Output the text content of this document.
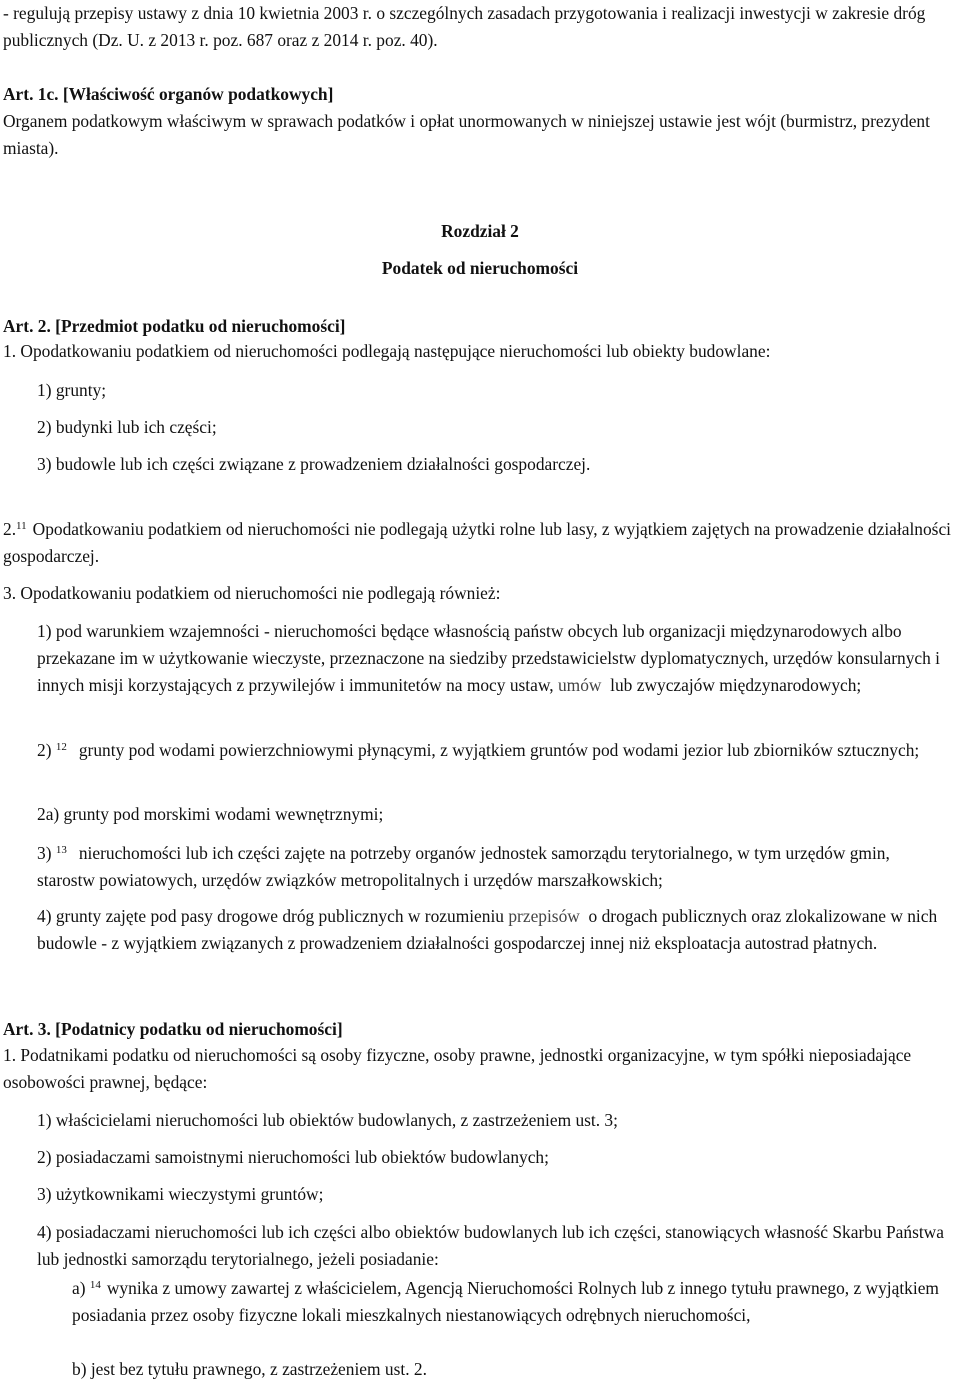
- regulują przepisy ustawy z dnia 10 kwietnia 2003 r. o szczególnych zasadach przygotowania i realizacji inwestycji w zakresie dróg publicznych (Dz. U. z 2013 r. poz. 687 oraz z 2014 r. poz. 40).

Art. 1c. [Właściwość organów podatkowych]

Organem podatkowym właściwym w sprawach podatków i opłat unormowanych w niniejszej ustawie jest wójt (burmistrz, prezydent miasta).

Rozdział 2

Podatek od nieruchomości

Art. 2. [Przedmiot podatku od nieruchomości]

1. Opodatkowaniu podatkiem od nieruchomości podlegają następujące nieruchomości lub obiekty budowlane:

1) grunty;

2) budynki lub ich części;

3) budowle lub ich części związane z prowadzeniem działalności gospodarczej.

2.11 Opodatkowaniu podatkiem od nieruchomości nie podlegają użytki rolne lub lasy, z wyjątkiem zajętych na prowadzenie działalności gospodarczej.

3. Opodatkowaniu podatkiem od nieruchomości nie podlegają również:

1) pod warunkiem wzajemności - nieruchomości będące własnością państw obcych lub organizacji międzynarodowych albo przekazane im w użytkowanie wieczyste, przeznaczone na siedziby przedstawicielstw dyplomatycznych, urzędów konsularnych i innych misji korzystających z przywilejów i immunitetów na mocy ustaw, umów lub zwyczajów międzynarodowych;

2) $^{12}$ grunty pod wodami powierzchniowymi płynącymi, z wyjątkiem gruntów pod wodami jezior lub zbiorników sztucznych;

2a) grunty pod morskimi wodami wewnętrznymi;

3) $^{13}$ nieruchomości lub ich części zajęte na potrzeby organów jednostek samorządu terytorialnego, w tym urzędów gmin, starostw powiatowych, urzędów związków metropolitalnych i urzędów marszałkowskich;

4) grunty zajęte pod pasy drogowe dróg publicznych w rozumieniu przepisów o drogach publicznych oraz zlokalizowane w nich budowle - z wyjątkiem związanych z prowadzeniem działalności gospodarczej innej niż eksploatacja autostrad płatnych.

Art. 3. [Podatnicy podatku od nieruchomości]

1. Podatnikami podatku od nieruchomości są osoby fizyczne, osoby prawne, jednostki organizacyjne, w tym spółki nieposiadające osobowości prawnej, będące:

1) właścicielami nieruchomości lub obiektów budowlanych, z zastrzeżeniem ust. 3;

2) posiadaczami samoistnymi nieruchomości lub obiektów budowlanych;

3) użytkownikami wieczystymi gruntów;

4) posiadaczami nieruchomości lub ich części albo obiektów budowlanych lub ich części, stanowiących własność Skarbu Państwa lub jednostki samorządu terytorialnego, jeżeli posiadanie:

a) $^{14}$ wynika z umowy zawartej z właścicielem, Agencją Nieruchomości Rolnych lub z innego tytułu prawnego, z wyjątkiem posiadania przez osoby fizyczne lokali mieszkalnych niestanowiących odrębnych nieruchomości,

b) jest bez tytułu prawnego, z zastrzeżeniem ust. 2.
